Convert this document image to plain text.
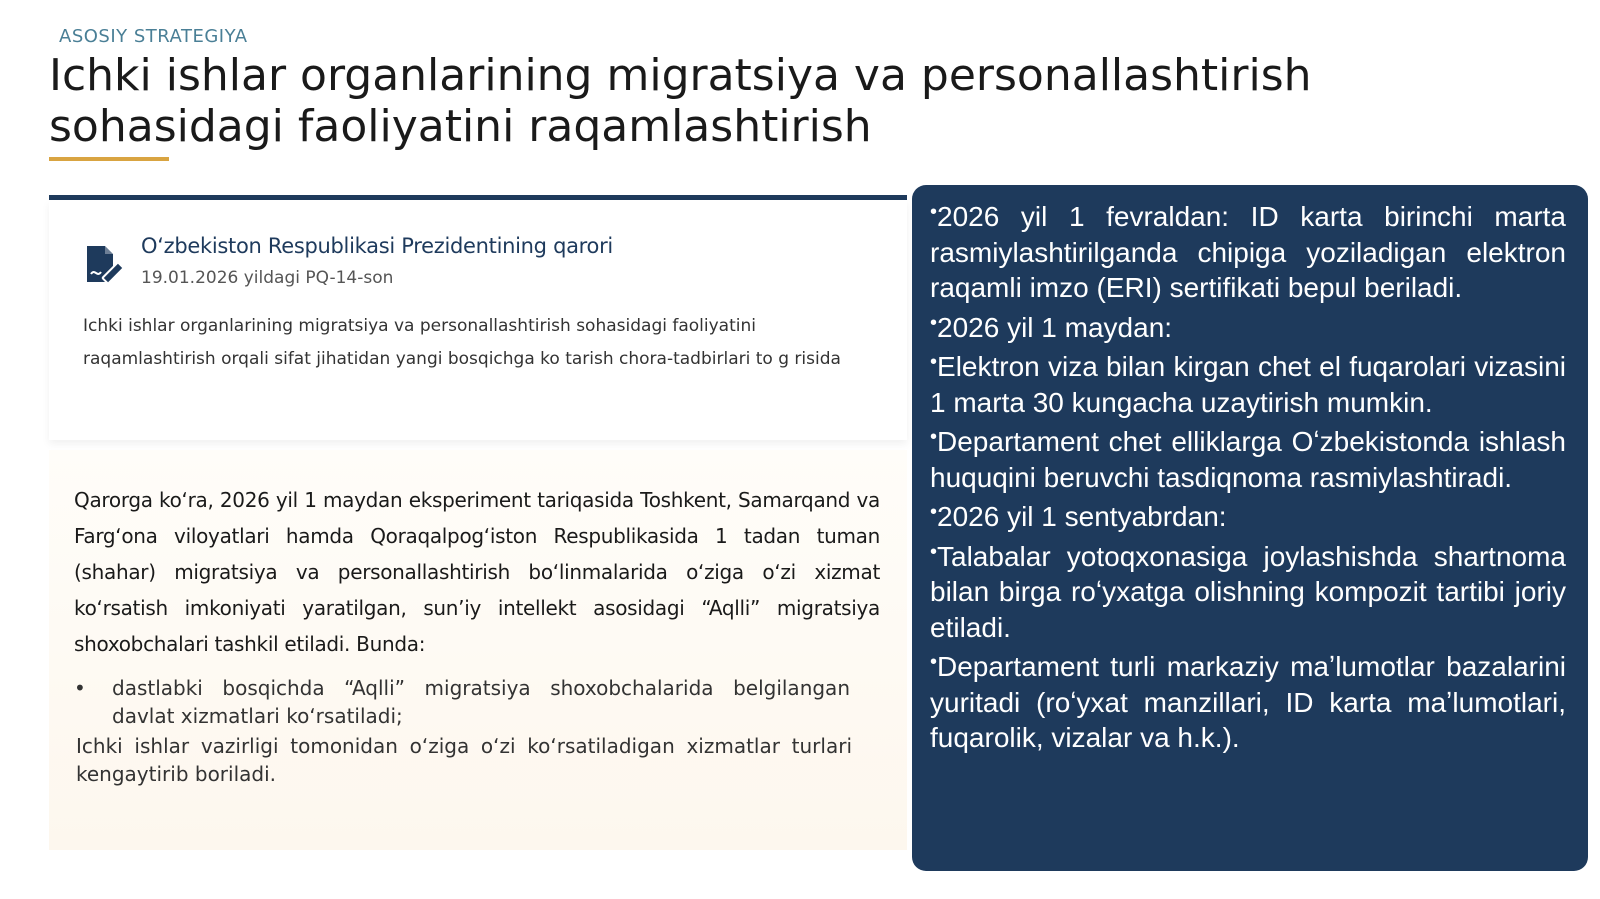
ASOSIY STRATEGIYA
Ichki ishlar organlarining migratsiya va personallashtirish sohasidagi faoliyatini raqamlashtirish
Oʻzbekiston Respublikasi Prezidentining qarori
19.01.2026 yildagi PQ-14-son
Ichki ishlar organlarining migratsiya va personallashtirish sohasidagi faoliyatini raqamlashtirish orqali sifat jihatidan yangi bosqichga ko tarish chora-tadbirlari to g risida
Qarorga koʻra, 2026 yil 1 maydan eksperiment tariqasida Toshkent, Samarqand va Fargʻona viloyatlari hamda Qoraqalpogʻiston Respublikasida 1 tadan tuman (shahar) migratsiya va personallashtirish boʻlinmalarida oʻziga oʻzi xizmat koʻrsatish imkoniyati yaratilgan, sun’iy intellekt asosidagi “Aqlli” migratsiya shoxobchalari tashkil etiladi. Bunda:
•	dastlabki bosqichda “Aqlli” migratsiya shoxobchalarida belgilangan davlat xizmatlari koʻrsatiladi;
Ichki ishlar vazirligi tomonidan oʻziga oʻzi koʻrsatiladigan xizmatlar turlari kengaytirib boriladi.
• 2026 yil 1 fevraldan: ID karta birinchi marta rasmiylashtirilganda chipiga yoziladigan elektron raqamli imzo (ERI) sertifikati bepul beriladi.
• 2026 yil 1 maydan:
• Elektron viza bilan kirgan chet el fuqarolari vizasini 1 marta 30 kungacha uzaytirish mumkin.
• Departament chet elliklarga Oʻzbekistonda ishlash huquqini beruvchi tasdiqnoma rasmiylashtiradi.
• 2026 yil 1 sentyabrdan:
• Talabalar yotoqxonasiga joylashishda shartnoma bilan birga roʻyxatga olishning kompozit tartibi joriy etiladi.
• Departament turli markaziy maʼlumotlar bazalarini yuritadi (roʻyxat manzillari, ID karta maʼlumotlari, fuqarolik, vizalar va h.k.).
